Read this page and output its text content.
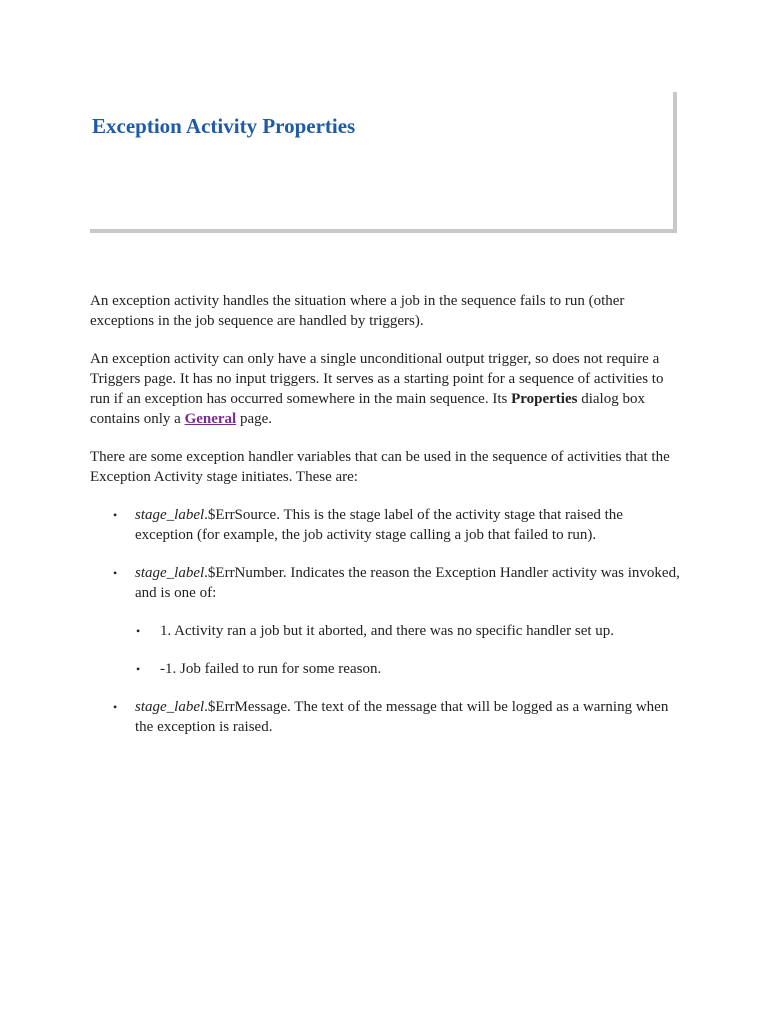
Exception Activity Properties

An exception activity handles the situation where a job in the sequence fails to run (other exceptions in the job sequence are handled by triggers).

An exception activity can only have a single unconditional output trigger, so does not require a Triggers page. It has no input triggers. It serves as a starting point for a sequence of activities to run if an exception has occurred somewhere in the main sequence. Its Properties dialog box contains only a General page.

There are some exception handler variables that can be used in the sequence of activities that the Exception Activity stage initiates. These are:

• stage_label.$ErrSource. This is the stage label of the activity stage that raised the exception (for example, the job activity stage calling a job that failed to run).
• stage_label.$ErrNumber. Indicates the reason the Exception Handler activity was invoked, and is one of:
• 1. Activity ran a job but it aborted, and there was no specific handler set up.
• -1. Job failed to run for some reason.
• stage_label.$ErrMessage. The text of the message that will be logged as a warning when the exception is raised.
